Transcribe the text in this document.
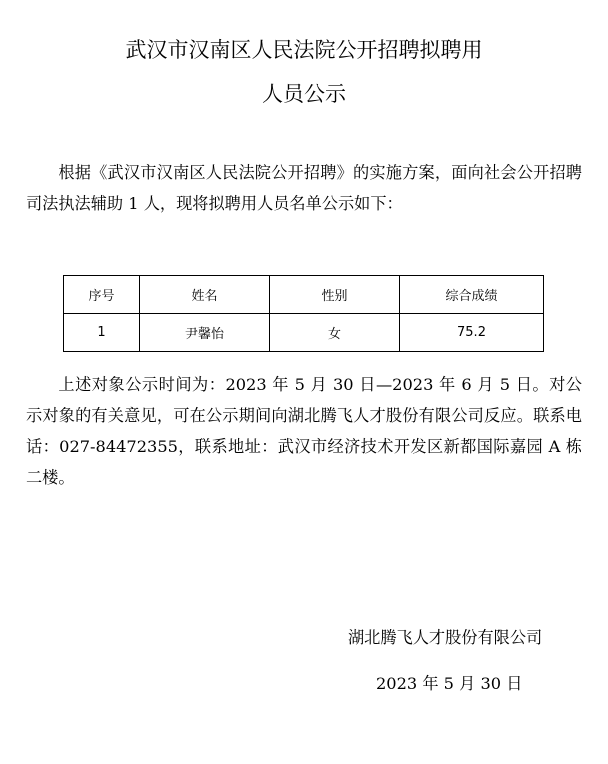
武汉市汉南区人民法院公开招聘拟聘用
人员公示

根据《武汉市汉南区人民法院公开招聘》的实施方案，面向社会公开招聘司法执法辅助 1 人，现将拟聘用人员名单公示如下：

序号	姓名	性别	综合成绩
1	尹馨怡	女	75.2

上述对象公示时间为：2023 年 5 月 30 日—2023 年 6 月 5 日。对公示对象的有关意见，可在公示期间向湖北腾飞人才股份有限公司反应。联系电话：027-84472355，联系地址：武汉市经济技术开发区新都国际嘉园 A 栋二楼。

湖北腾飞人才股份有限公司
2023 年 5 月 30 日
